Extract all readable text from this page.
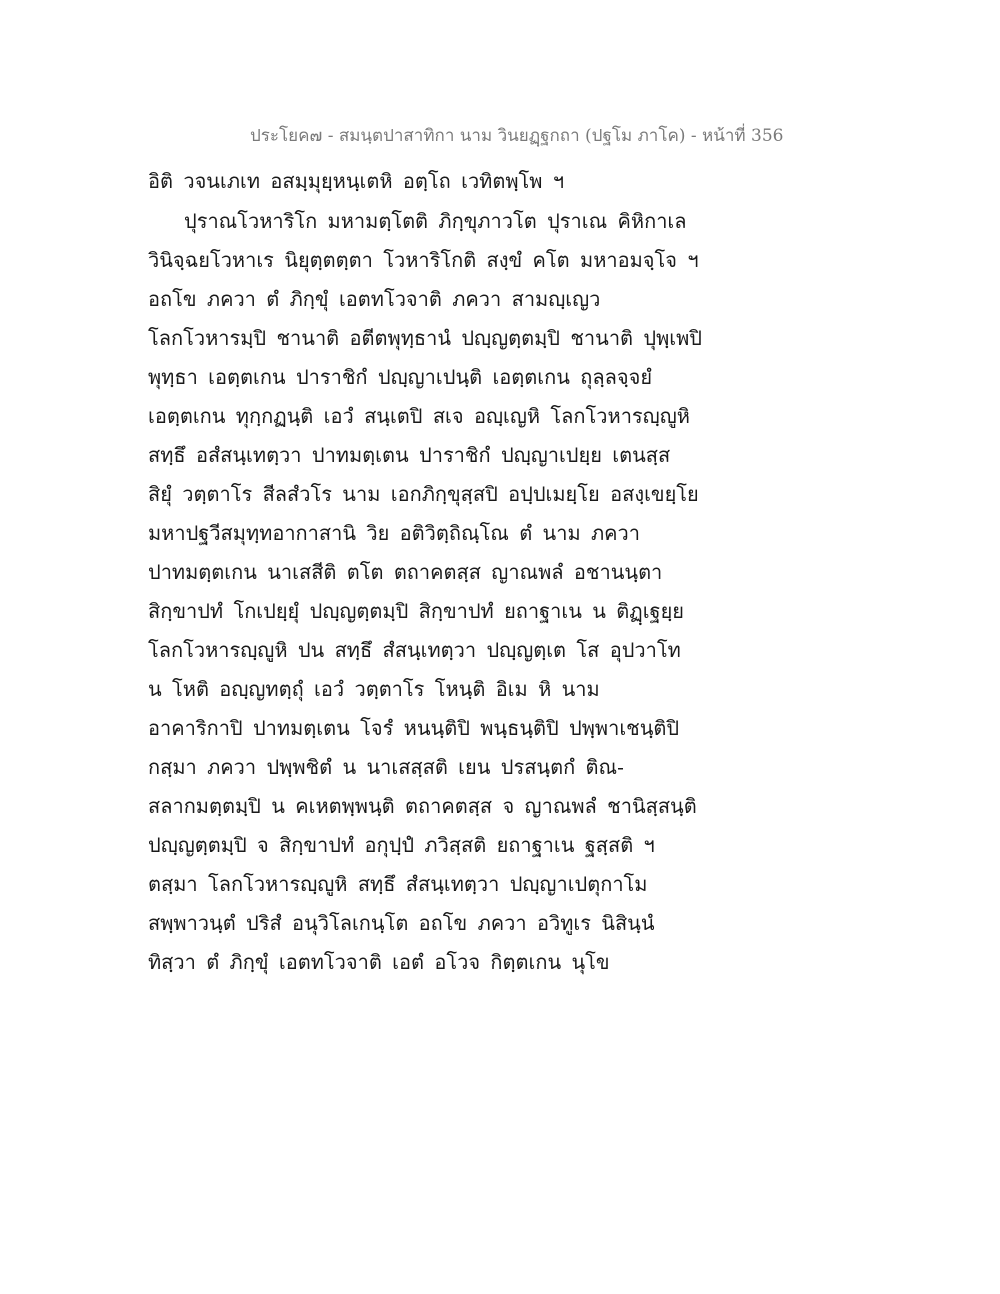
ประโยค๗ - สมนฺตปาสาทิกา นาม วินยฏฺฐกถา (ปฐโม ภาโค) - หน้าที่ 356
อิติ วจนเภเท อสมฺมุยฺหนฺเตหิ อตฺโถ เวทิตพฺโพ ฯ
ปุราณโวหาริโก มหามตฺโตติ ภิกฺขุภาวโต ปุราเณ คิหิกาเล
วินิจฺฉยโวหาเร นิยุตฺตตฺตา โวหาริโกติ สงฺขํ คโต มหาอมจฺโจ ฯ
อถโข ภควา ตํ ภิกฺขุํ เอตทโวจาติ ภควา สามญฺเญว
โลกโวหารมฺปิ ชานาติ อตีตพุทฺธานํ ปญฺญตฺตมฺปิ ชานาติ ปุพฺเพปิ
พุทฺธา เอตฺตเกน ปาราชิกํ ปญฺญาเปนฺติ เอตฺตเกน ถุลฺลจฺจยํ
เอตฺตเกน ทุกฺกฏนฺติ เอวํ สนฺเตปิ สเจ อญฺเญหิ โลกโวหารญฺญูหิ
สทฺธึ อสํสนฺเทตฺวา ปาทมตฺเตน ปาราชิกํ ปญฺญาเปยฺย เตนสฺส
สิยุํ วตฺตาโร สีลสํวโร นาม เอกภิกฺขุสฺสปิ อปฺปเมยฺโย อสงฺเขยฺโย
มหาปฐวีสมุทฺทอากาสานิ วิย อติวิตฺถิณฺโณ ตํ นาม ภควา
ปาทมตฺตเกน นาเสสีติ ตโต ตถาคตสฺส ญาณพลํ อชานนฺตา
สิกฺขาปทํ โกเปยฺยุํ ปญฺญตฺตมฺปิ สิกฺขาปทํ ยถาฐาเน น ติฏฺเฐยฺย
โลกโวหารญฺญูหิ ปน สทฺธึ สํสนฺเทตฺวา ปญฺญตฺเต โส อุปวาโท
น โหติ อญฺญทตฺถุํ เอวํ วตฺตาโร โหนฺติ อิเม หิ นาม
อาคาริกาปิ ปาทมตฺเตน โจรํ หนนฺติปิ พนฺธนฺติปิ ปพฺพาเชนฺติปิ
กสฺมา ภควา ปพฺพชิตํ น นาเสสฺสติ เยน ปรสนฺตกํ ติณ-
สลากมตฺตมฺปิ น คเหตพฺพนฺติ ตถาคตสฺส จ ญาณพลํ ชานิสฺสนฺติ
ปญฺญตฺตมฺปิ จ สิกฺขาปทํ อกุปฺปํ ภวิสฺสติ ยถาฐาเน ฐสฺสติ ฯ
ตสฺมา โลกโวหารญฺญูหิ สทฺธึ สํสนฺเทตฺวา ปญฺญาเปตุกาโม
สพฺพาวนฺตํ ปริสํ อนุวิโลเกนฺโต อถโข ภควา อวิทูเร นิสินฺนํ
ทิสฺวา ตํ ภิกฺขุํ เอตทโวจาติ เอตํ อโวจ กิตฺตเกน นุโข
